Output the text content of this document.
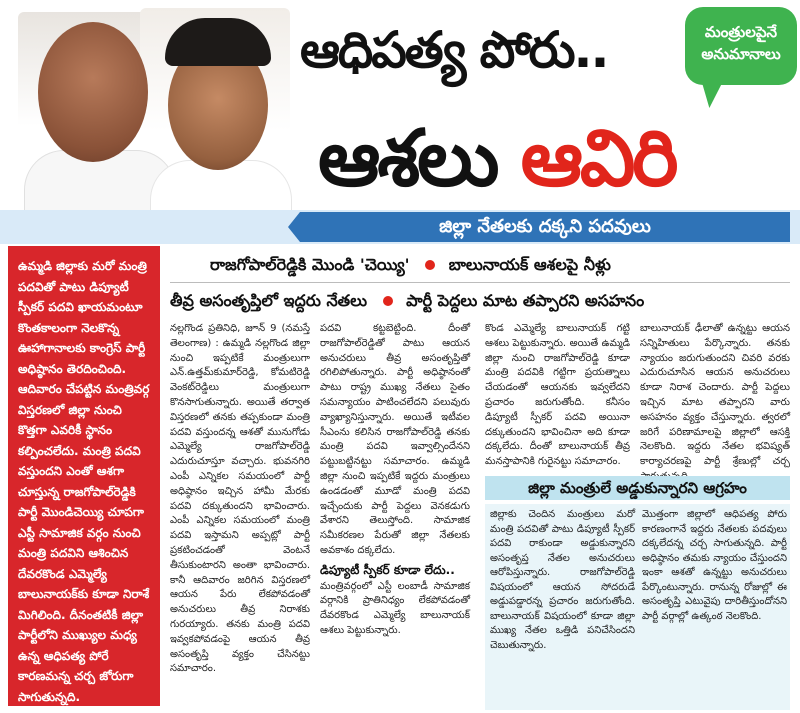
ఆధిపత్య పోరు..
ఆశలు ఆవిరి
మంత్రులపైనే
అనుమానాలు
జిల్లా నేతలకు దక్కని పదవులు
రాజగోపాల్‌రెడ్డికి మొండి 'చెయ్యి' బాలునాయక్ ఆశలపై నీళ్లు
తీవ్ర అసంతృప్తిలో ఇద్దరు నేతలు పార్టీ పెద్దలు మాట తప్పారని అసహనం

ఉమ్మడి జిల్లాకు మరో మంత్రి పదవితో పాటు డిప్యూటీ స్పీకర్ పదవి ఖాయమంటూ కొంతకాలంగా నెలకొన్న ఊహాగానాలకు కాంగ్రెస్ పార్టీ అధిష్ఠానం తెరదించింది. ఆదివారం చేపట్టిన మంత్రివర్గ విస్తరణలో జిల్లా నుంచి కొత్తగా ఎవరికీ స్థానం కల్పించలేదు. మంత్రి పదవి వస్తుందని ఎంతో ఆశగా చూస్తున్న రాజగోపాల్‌రెడ్డికి పార్టీ మొండిచెయ్యి చూపగా ఎస్టీ సామాజిక వర్గం నుంచి మంత్రి పదవిని ఆశించిన దేవరకొండ ఎమ్మెల్యే బాలునాయక్‌కు కూడా నిరాశే మిగిలింది. దీనంతటికీ జిల్లా పార్టీలోని ముఖ్యుల మధ్య ఉన్న ఆధిపత్య పోరే కారణమన్న చర్చ జోరుగా సాగుతున్నది.

నల్లగొండ ప్రతినిధి, జూన్ 9 (నమస్తే తెలంగాణ) : ఉమ్మడి నల్లగొండ జిల్లా నుంచి ఇప్పటికే మంత్రులుగా ఎన్.ఉత్తమ్‌కుమార్‌రెడ్డి, కోమటిరెడ్డి వెంకట్‌రెడ్డిలు మంత్రులుగా కొనసాగుతున్నారు. అయితే తర్వాత విస్తరణలో తనకు తప్పకుండా మంత్రి పదవి వస్తుందన్న ఆశతో మునుగోడు ఎమ్మెల్యే రాజగోపాల్‌రెడ్డి ఎదురుచూస్తూ వచ్చారు. భువనగిరి ఎంపీ ఎన్నికల సమయంలో పార్టీ అధిష్ఠానం ఇచ్చిన హామీ మేరకు పదవి దక్కుతుందని భావించారు. ఎంపీ ఎన్నికల సమయంలో మంత్రి పదవి ఇస్తామని అప్పట్లో పార్టీ ప్రకటించడంతో వెంటనే తీసుకుంటారని అంతా భావించారు. కానీ ఆదివారం జరిగిన విస్తరణలో ఆయన పేరు లేకపోవడంతో అనుచరులు తీవ్ర నిరాశకు గురయ్యారు. తనకు మంత్రి పదవి ఇవ్వకపోవడంపై ఆయన తీవ్ర అసంతృప్తి వ్యక్తం చేసినట్టు సమాచారం.

పదవి కట్టబెట్టింది. దీంతో రాజగోపాల్‌రెడ్డితో పాటు ఆయన అనుచరులు తీవ్ర అసంతృప్తితో రగిలిపోతున్నారు. పార్టీ అధిష్ఠానంతో పాటు రాష్ట్ర ముఖ్య నేతలు సైతం సమన్యాయం పాటించలేదని పలువురు వ్యాఖ్యానిస్తున్నారు. అయితే ఇటీవల సీఎంను కలిసిన రాజగోపాల్‌రెడ్డి తనకు మంత్రి పదవి ఇవ్వాల్సిందేనని పట్టుబట్టినట్టు సమాచారం. ఉమ్మడి జిల్లా నుంచి ఇప్పటికే ఇద్దరు మంత్రులు ఉండడంతో మూడో మంత్రి పదవి ఇచ్చేందుకు పార్టీ పెద్దలు వెనకడుగు వేశారని తెలుస్తోంది. సామాజిక సమీకరణల పేరుతో జిల్లా నేతలకు అవకాశం దక్కలేదు.

డిప్యూటీ స్పీకర్ కూడా లేదు..

మంత్రివర్గంలో ఎస్టీ లంబాడీ సామాజిక వర్గానికి ప్రాతినిధ్యం లేకపోవడంతో దేవరకొండ ఎమ్మెల్యే బాలునాయక్ ఆశలు పెట్టుకున్నారు.

కొండ ఎమ్మెల్యే బాలునాయక్ గట్టి ఆశలు పెట్టుకున్నారు. అయితే ఉమ్మడి జిల్లా నుంచి రాజగోపాల్‌రెడ్డి కూడా మంత్రి పదవికి గట్టిగా ప్రయత్నాలు చేయడంతో ఆయనకు ఇవ్వలేదని ప్రచారం జరుగుతోంది. కనీసం డిప్యూటీ స్పీకర్ పదవి అయినా దక్కుతుందని భావించినా అది కూడా దక్కలేదు. దీంతో బాలునాయక్ తీవ్ర మనస్తాపానికి గురైనట్టు సమాచారం.

బాలునాయక్ ఢీలాతో ఉన్నట్టు ఆయన సన్నిహితులు పేర్కొన్నారు. తనకు న్యాయం జరుగుతుందని చివరి వరకు ఎదురుచూసిన ఆయన అనుచరులు కూడా నిరాశ చెందారు. పార్టీ పెద్దలు ఇచ్చిన మాట తప్పారని వారు అసహనం వ్యక్తం చేస్తున్నారు. త్వరలో జరిగే పరిణామాలపై జిల్లాలో ఆసక్తి నెలకొంది. ఇద్దరు నేతల భవిష్యత్ కార్యాచరణపై పార్టీ శ్రేణుల్లో చర్చ

జిల్లా మంత్రులే అడ్డుకున్నారని ఆగ్రహం

జిల్లాకు చెందిన మంత్రులు మరో మంత్రి పదవితో పాటు డిప్యూటీ స్పీకర్ పదవి రాకుండా అడ్డుకున్నారని అసంతృప్త నేతల అనుచరులు ఆరోపిస్తున్నారు. రాజగోపాల్‌రెడ్డి విషయంలో ఆయన సోదరుడే అడ్డుపడ్డారన్న ప్రచారం జరుగుతోంది. బాలునాయక్ విషయంలో కూడా జిల్లా ముఖ్య నేతల ఒత్తిడి పనిచేసిందని చెబుతున్నారు.

మొత్తంగా జిల్లాలో ఆధిపత్య పోరు కారణంగానే ఇద్దరు నేతలకు పదవులు దక్కలేదన్న చర్చ సాగుతున్నది. పార్టీ అధిష్ఠానం తమకు న్యాయం చేస్తుందని ఇంకా ఆశతో ఉన్నట్టు అనుచరులు పేర్కొంటున్నారు. రానున్న రోజుల్లో ఈ అసంతృప్తి ఎటువైపు దారితీస్తుందోనని పార్టీ వర్గాల్లో ఉత్కంఠ నెలకొంది.
